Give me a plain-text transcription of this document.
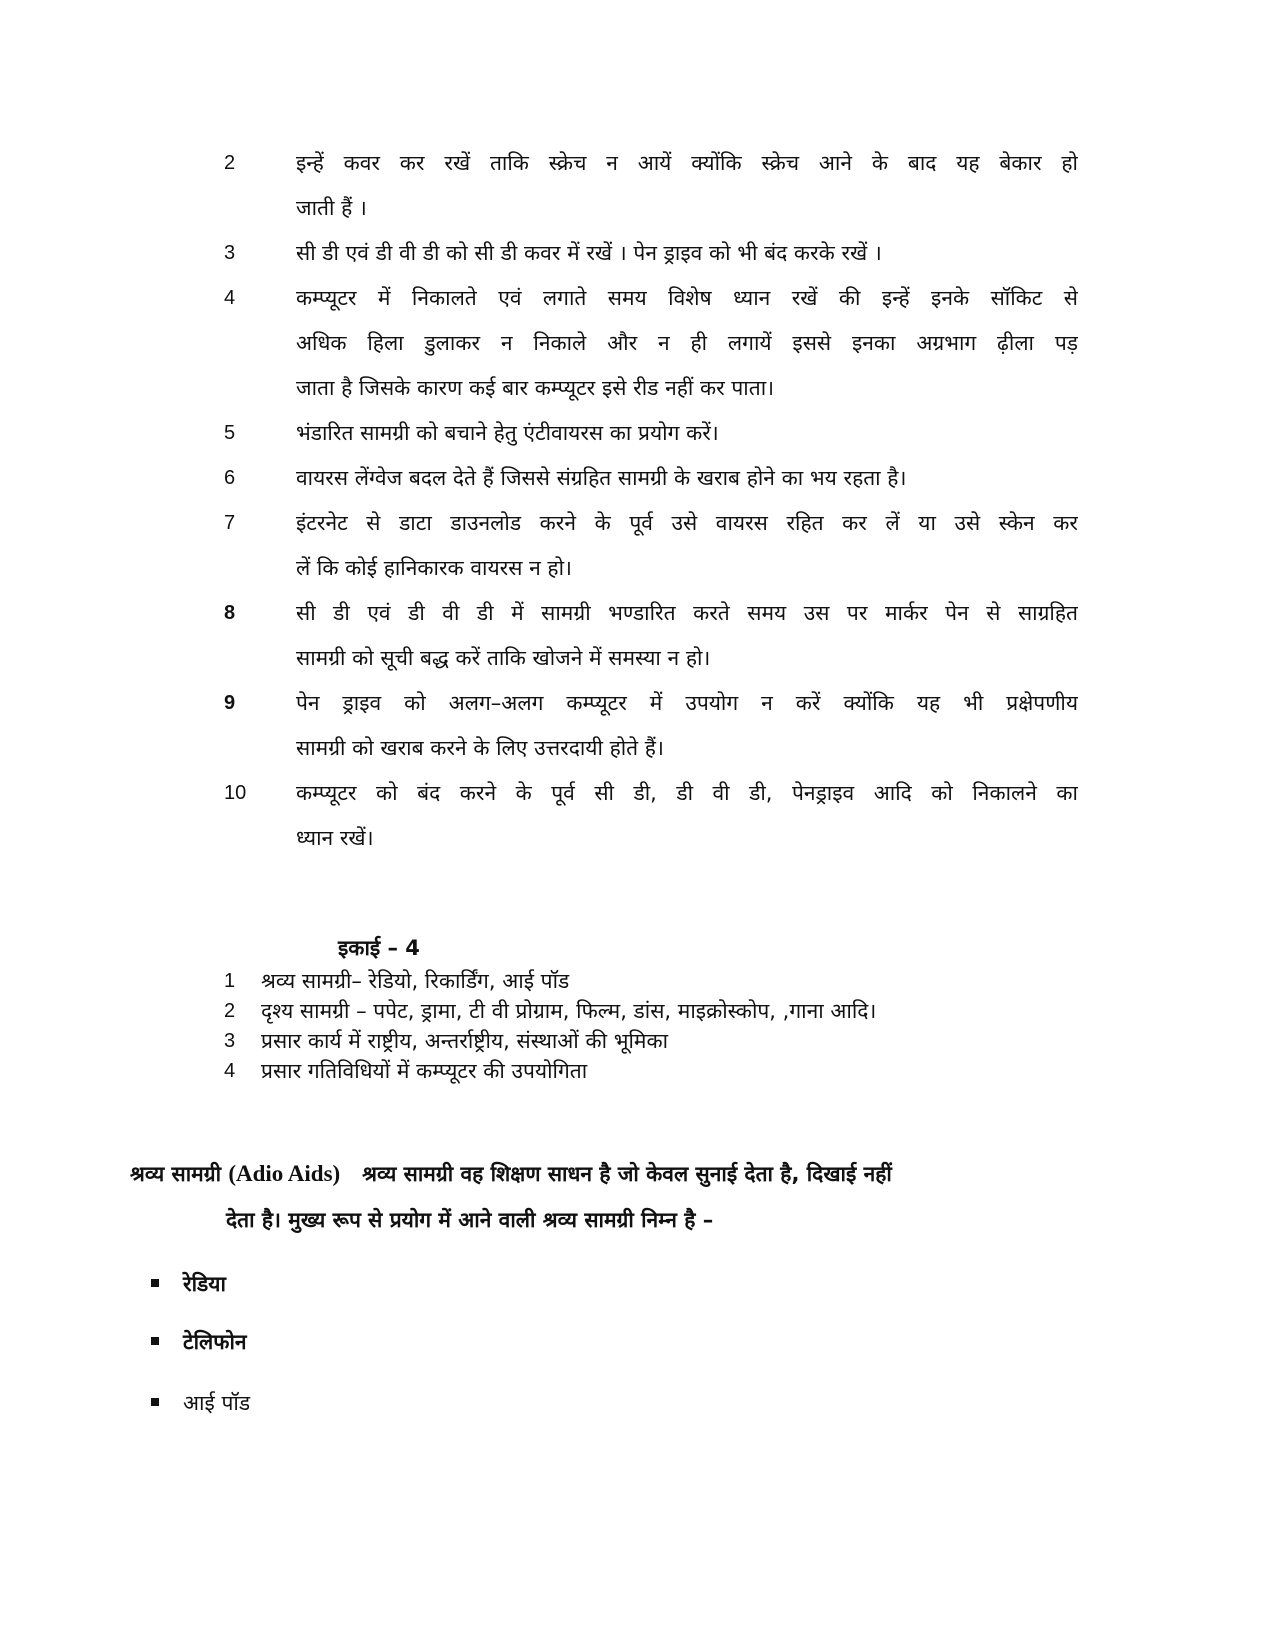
2	इन्हें कवर कर रखें ताकि स्क्रेच न आयें क्योंकि स्क्रेच आने के बाद यह बेकार हो
जाती हैं ।
3	सी डी एवं डी वी डी को सी डी कवर में रखें । पेन ड्राइव को भी बंद करके रखें ।
4	कम्प्यूटर में निकालते एवं लगाते समय विशेष ध्यान रखें की इन्हें इनके सॉकिट से
अधिक हिला डुलाकर न निकाले और न ही लगायें इससे इनका अग्रभाग ढ़ीला पड़
जाता है जिसके कारण कई बार कम्प्यूटर इसे रीड नहीं कर पाता।
5	भंडारित सामग्री को बचाने हेतु एंटीवायरस का प्रयोग करें।
6	वायरस लेंग्वेज बदल देते हैं जिससे संग्रहित सामग्री के खराब होने का भय रहता है।
7	इंटरनेट से डाटा डाउनलोड करने के पूर्व उसे वायरस रहित कर लें या उसे स्केन कर
लें कि कोई हानिकारक वायरस न हो।
8	सी डी एवं डी वी डी में सामग्री भण्डारित करते समय उस पर मार्कर पेन से साग्रहित
सामग्री को सूची बद्ध करें ताकि खोजने में समस्या न हो।
9	पेन ड्राइव को अलग–अलग कम्प्यूटर में उपयोग न करें क्योंकि यह भी प्रक्षेपणीय
सामग्री को खराब करने के लिए उत्तरदायी होते हैं।
10 कम्प्यूटर को बंद करने के पूर्व सी डी, डी वी डी, पेनड्राइव आदि को निकालने का
ध्यान रखें।
इकाई – 4
1 श्रव्य सामग्री– रेडियो, रिकार्डिंग, आई पॉड
2 दृश्य सामग्री – पपेट, ड्रामा, टी वी प्रोग्राम, फिल्म, डांस, माइक्रोस्कोप, ,गाना आदि।
3 प्रसार कार्य में राष्ट्रीय, अन्तर्राष्ट्रीय, संस्थाओं की भूमिका
4 प्रसार गतिविधियों में कम्प्यूटर की उपयोगिता
श्रव्य सामग्री (Adio Aids) श्रव्य सामग्री वह शिक्षण साधन है जो केवल सुनाई देता है, दिखाई नहीं
देता है। मुख्य रूप से प्रयोग में आने वाली श्रव्य सामग्री निम्न है –
रेडिया
टेलिफोन
आई पॉड
